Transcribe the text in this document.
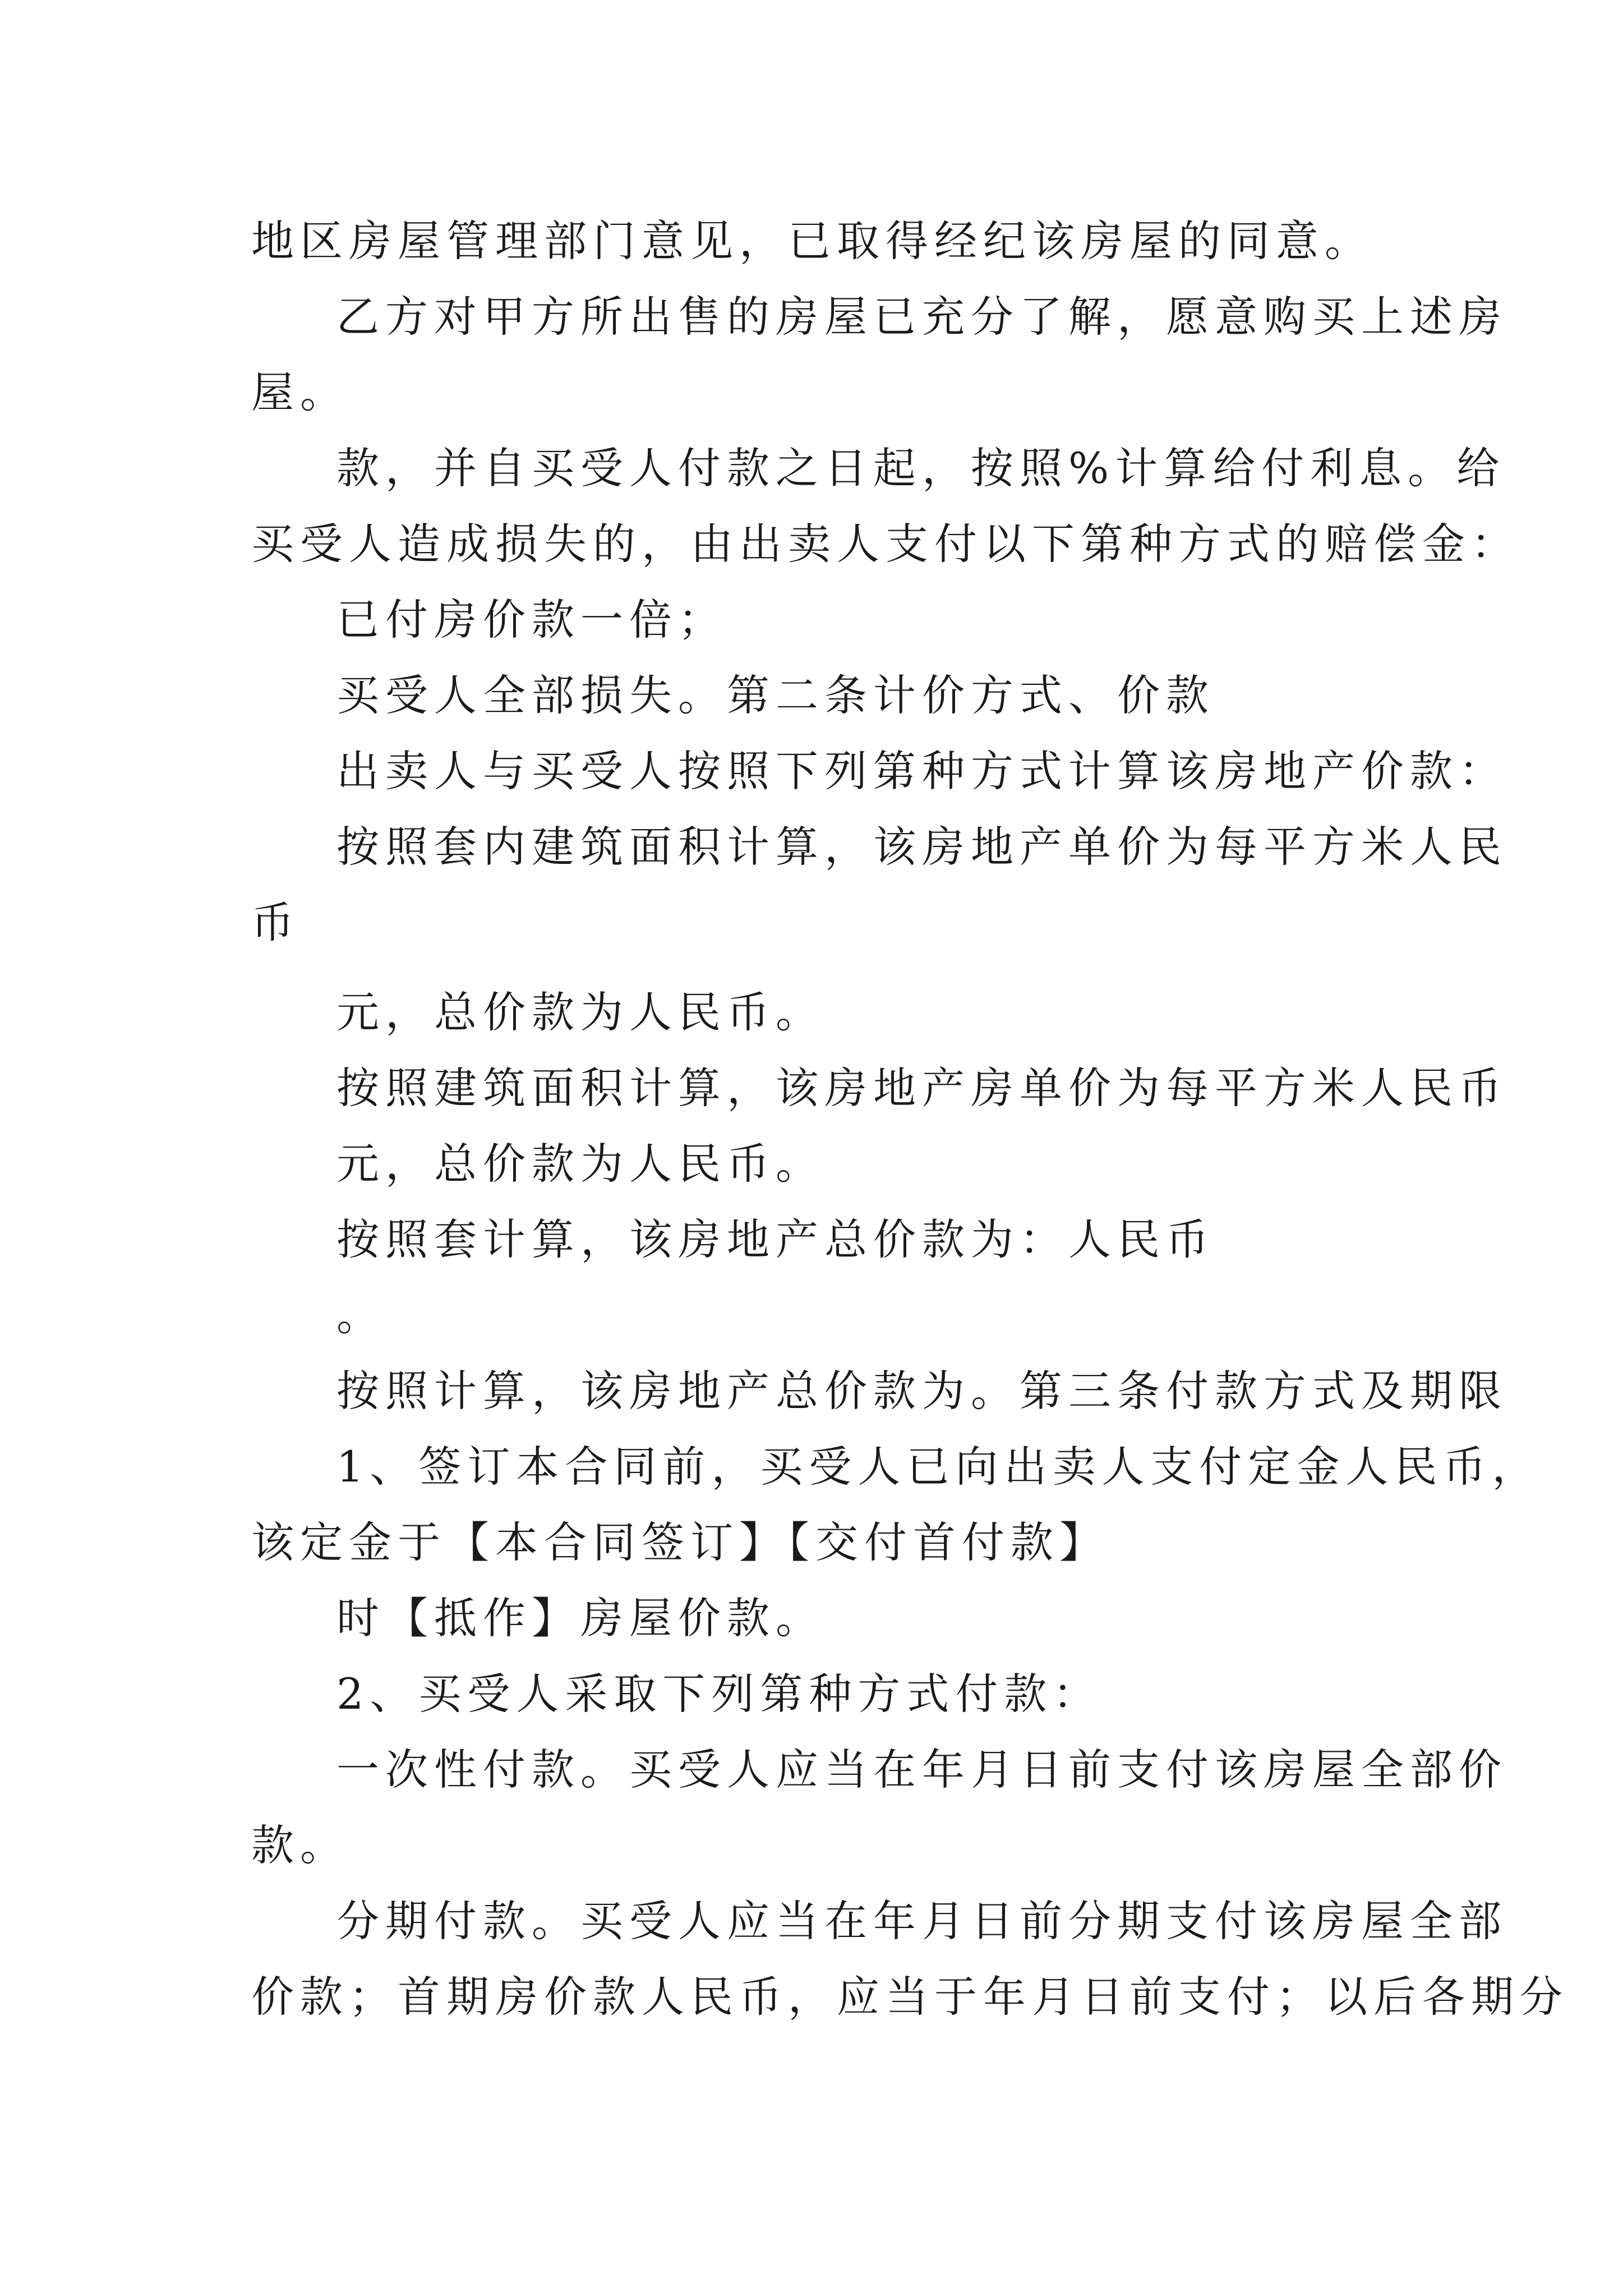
地区房屋管理部门意见，已取得经纪该房屋的同意。
乙方对甲方所出售的房屋已充分了解，愿意购买上述房
屋。
款，并自买受人付款之日起，按照%计算给付利息。给
买受人造成损失的，由出卖人支付以下第种方式的赔偿金：
已付房价款一倍；
买受人全部损失。第二条计价方式、价款
出卖人与买受人按照下列第种方式计算该房地产价款：
按照套内建筑面积计算，该房地产单价为每平方米人民
币
元，总价款为人民币。
按照建筑面积计算，该房地产房单价为每平方米人民币
元，总价款为人民币。
按照套计算，该房地产总价款为：人民币
。
按照计算，该房地产总价款为。第三条付款方式及期限
1、签订本合同前，买受人已向出卖人支付定金人民币，
该定金于【本合同签订】【交付首付款】
时【抵作】房屋价款。
2、买受人采取下列第种方式付款：
一次性付款。买受人应当在年月日前支付该房屋全部价
款。
分期付款。买受人应当在年月日前分期支付该房屋全部
价款；首期房价款人民币，应当于年月日前支付；以后各期分
